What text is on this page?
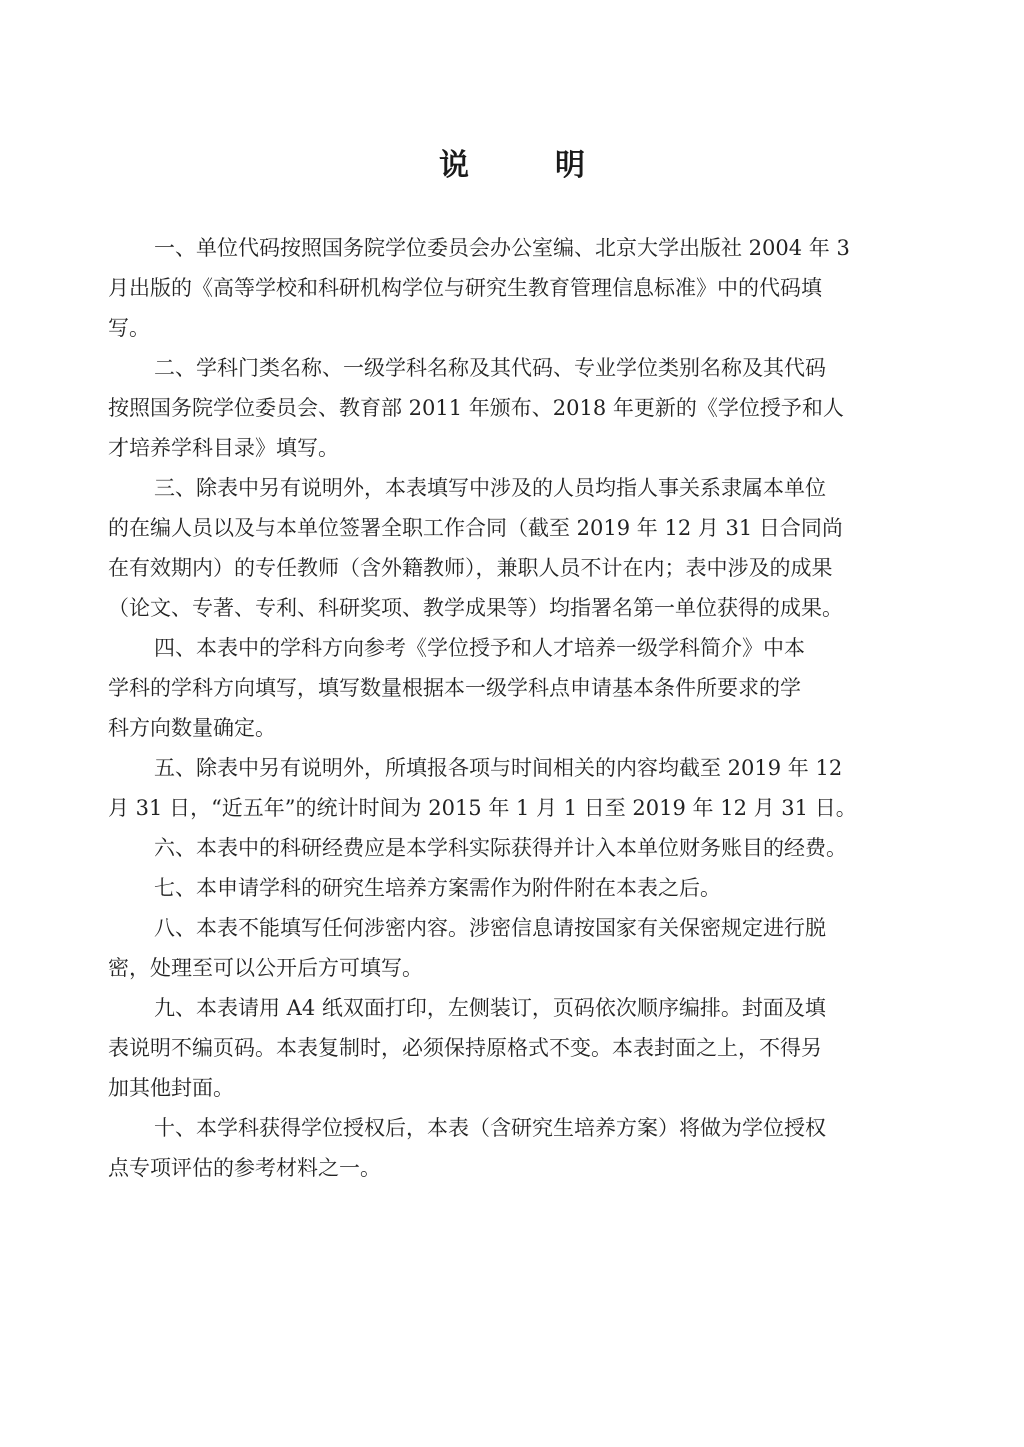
说　明
一、单位代码按照国务院学位委员会办公室编、北京大学出版社 2004 年 3
月出版的《高等学校和科研机构学位与研究生教育管理信息标准》中的代码填
写。
二、学科门类名称、一级学科名称及其代码、专业学位类别名称及其代码
按照国务院学位委员会、教育部 2011 年颁布、2018 年更新的《学位授予和人
才培养学科目录》填写。
三、除表中另有说明外，本表填写中涉及的人员均指人事关系隶属本单位
的在编人员以及与本单位签署全职工作合同（截至 2019 年 12 月 31 日合同尚
在有效期内）的专任教师（含外籍教师），兼职人员不计在内；表中涉及的成果
（论文、专著、专利、科研奖项、教学成果等）均指署名第一单位获得的成果。
四、本表中的学科方向参考《学位授予和人才培养一级学科简介》中本
学科的学科方向填写，填写数量根据本一级学科点申请基本条件所要求的学
科方向数量确定。
五、除表中另有说明外，所填报各项与时间相关的内容均截至 2019 年 12
月 31 日，“近五年”的统计时间为 2015 年 1 月 1 日至 2019 年 12 月 31 日。
六、本表中的科研经费应是本学科实际获得并计入本单位财务账目的经费。
七、本申请学科的研究生培养方案需作为附件附在本表之后。
八、本表不能填写任何涉密内容。涉密信息请按国家有关保密规定进行脱
密，处理至可以公开后方可填写。
九、本表请用 A4 纸双面打印，左侧装订，页码依次顺序编排。封面及填
表说明不编页码。本表复制时，必须保持原格式不变。本表封面之上，不得另
加其他封面。
十、本学科获得学位授权后，本表（含研究生培养方案）将做为学位授权
点专项评估的参考材料之一。
